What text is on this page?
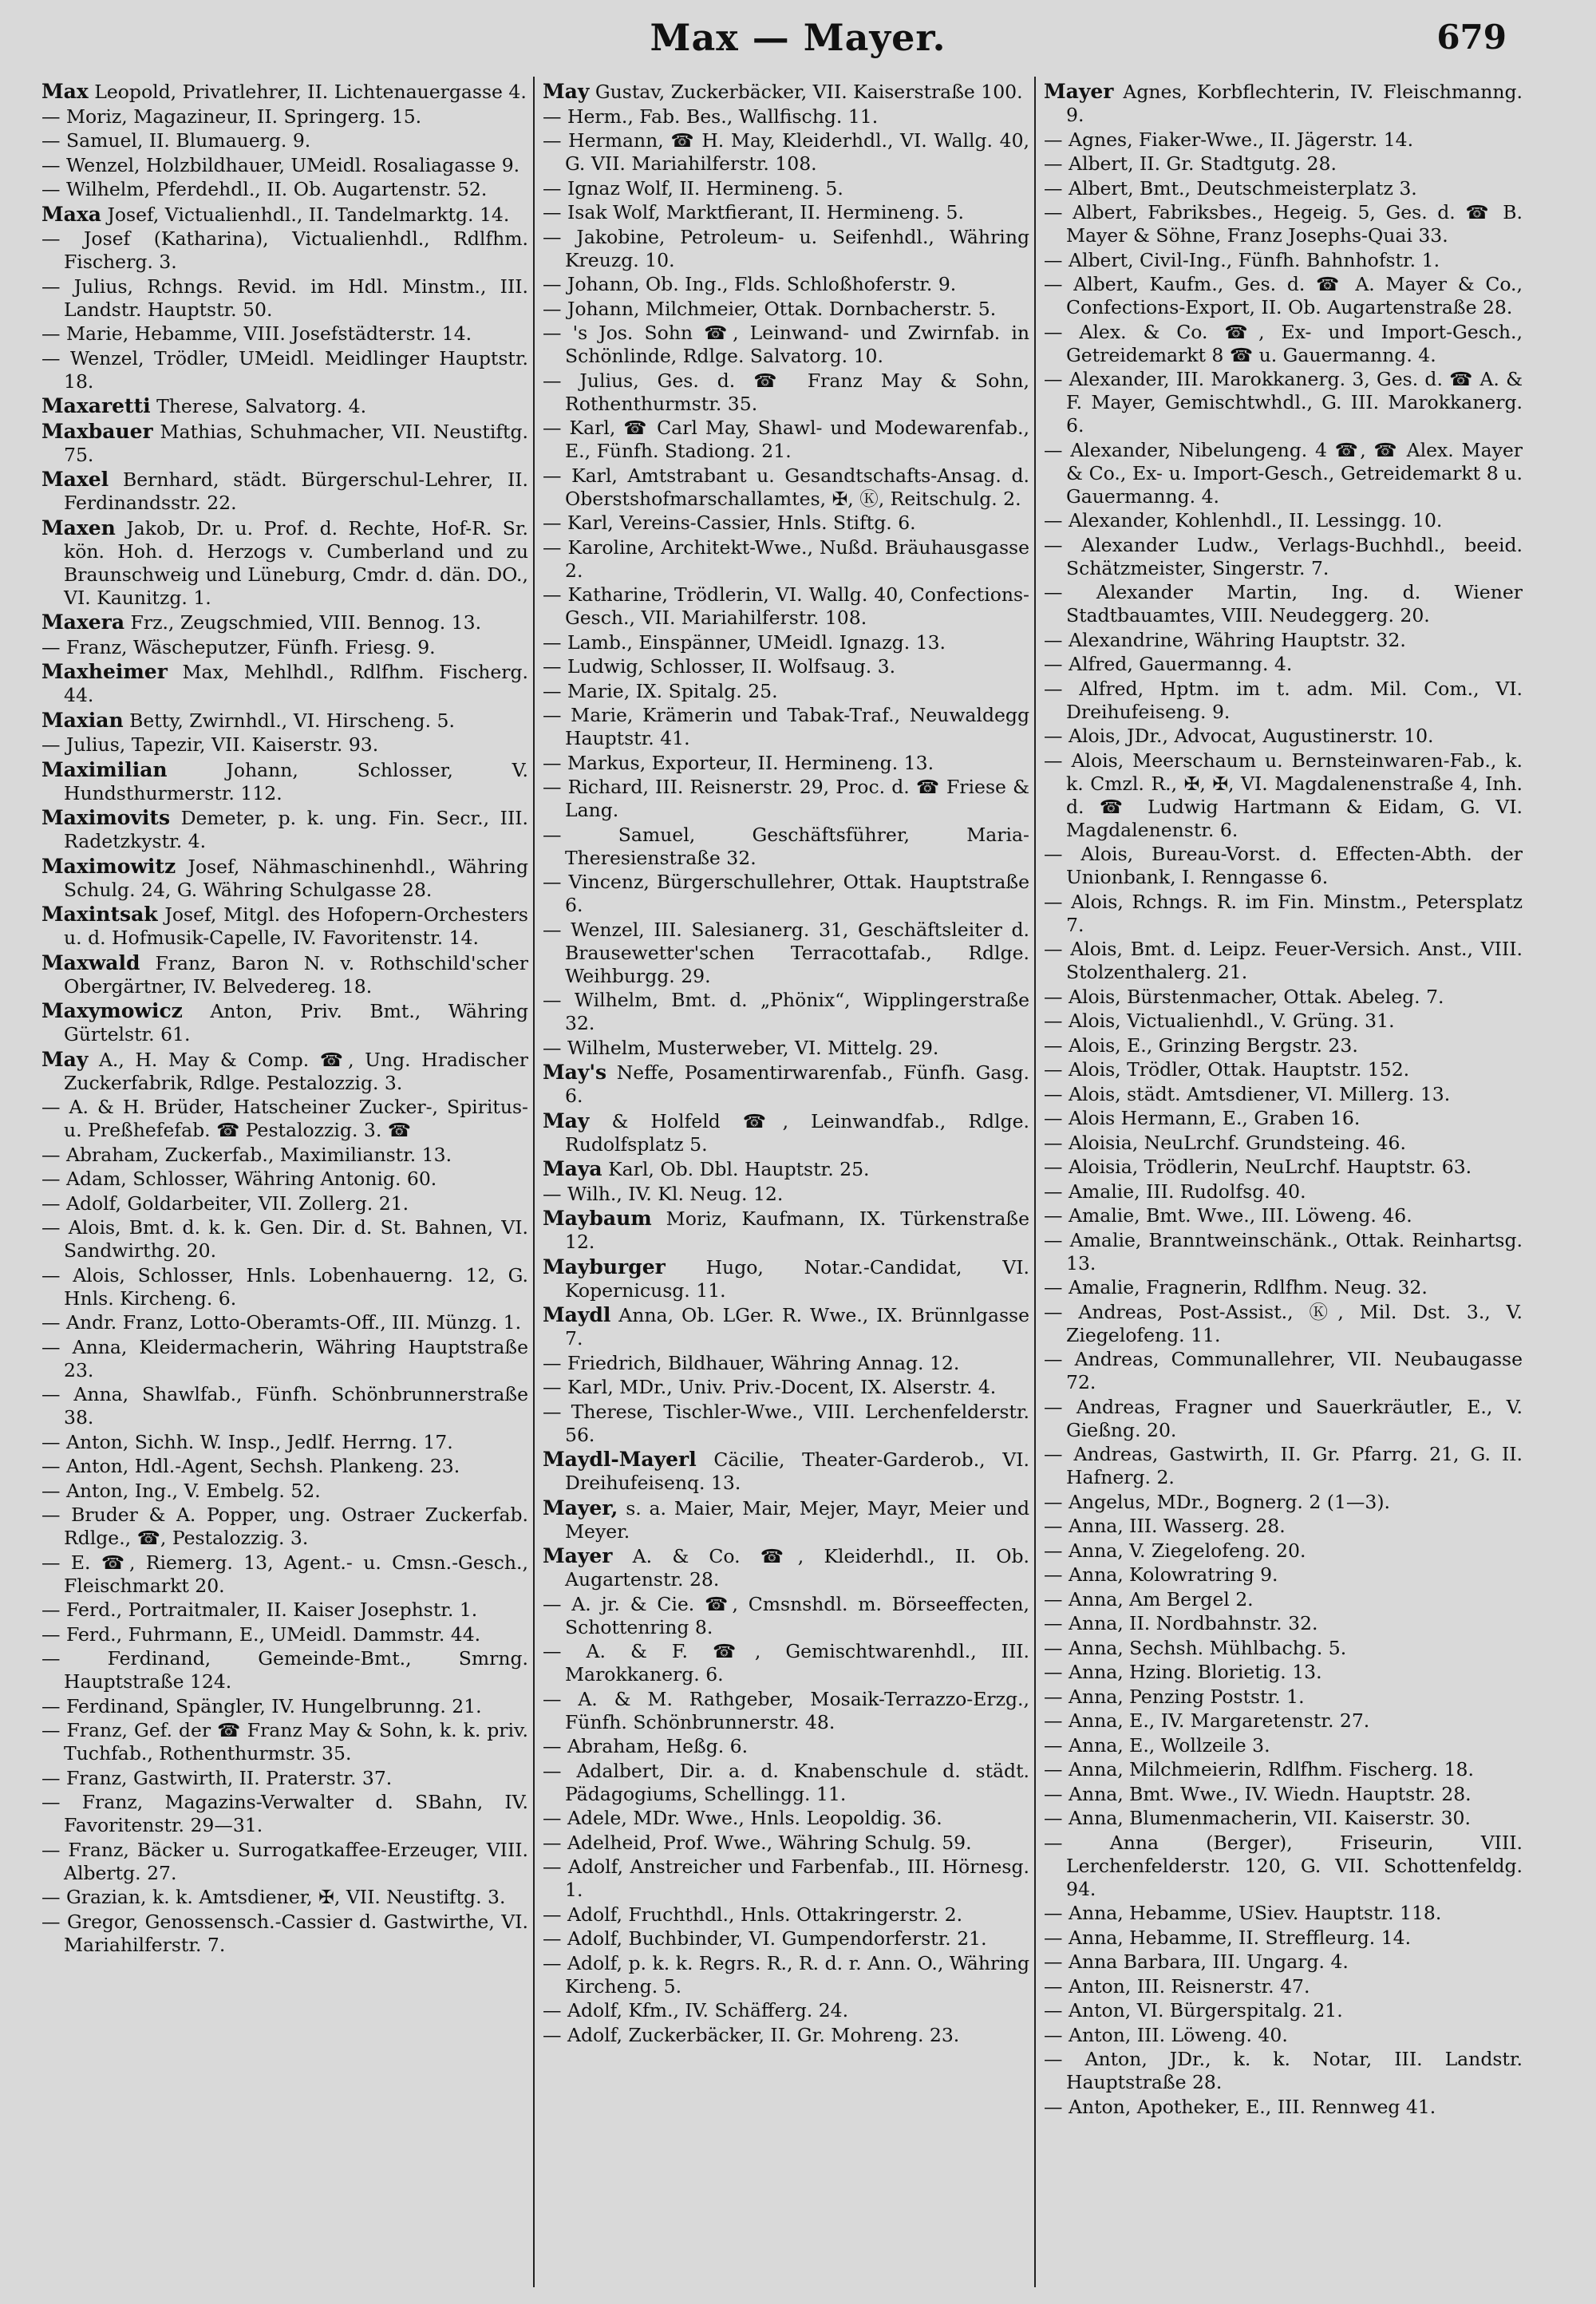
Max — Mayer.	679

Max Leopold, Privatlehrer, II. Lichtenauergasse 4.

— Moriz, Magazineur, II. Springerg. 15.

— Samuel, II. Blumauerg. 9.

— Wenzel, Holzbildhauer, UMeidl. Rosaliagasse 9.

— Wilhelm, Pferdehdl., II. Ob. Augartenstr. 52.

Maxa Josef, Victualienhdl., II. Tandelmarktg. 14.

— Josef (Katharina), Victualienhdl., Rdlfhm. Fischerg. 3.

— Julius, Rchngs. Revid. im Hdl. Minstm., III. Landstr. Hauptstr. 50.

— Marie, Hebamme, VIII. Josefstädterstr. 14.

— Wenzel, Trödler, UMeidl. Meidlinger Hauptstr. 18.

Maxaretti Therese, Salvatorg. 4.

Maxbauer Mathias, Schuhmacher, VII. Neustiftg. 75.

Maxel Bernhard, städt. Bürgerschul-Lehrer, II. Ferdinandsstr. 22.

Maxen Jakob, Dr. u. Prof. d. Rechte, Hof-R. Sr. kön. Hoh. d. Herzogs v. Cumberland und zu Braunschweig und Lüneburg, Cmdr. d. dän. DO., VI. Kaunitzg. 1.

Maxera Frz., Zeugschmied, VIII. Bennog. 13.

— Franz, Wäscheputzer, Fünfh. Friesg. 9.

Maxheimer Max, Mehlhdl., Rdlfhm. Fischerg. 44.

Maxian Betty, Zwirnhdl., VI. Hirscheng. 5.

— Julius, Tapezir, VII. Kaiserstr. 93.

Maximilian Johann, Schlosser, V. Hundsthurmerstr. 112.

Maximovits Demeter, p. k. ung. Fin. Secr., III. Radetzkystr. 4.

Maximowitz Josef, Nähmaschinenhdl., Währing Schulg. 24, G. Währing Schulgasse 28.

Maxintsak Josef, Mitgl. des Hofopern-Orchesters u. d. Hofmusik-Capelle, IV. Favoritenstr. 14.

Maxwald Franz, Baron N. v. Rothschild'scher Obergärtner, IV. Belvedereg. 18.

Maxymowicz Anton, Priv. Bmt., Währing Gürtelstr. 61.

May A., H. May & Comp. ☎, Ung. Hradischer Zuckerfabrik, Rdlge. Pestalozzig. 3.

— A. & H. Brüder, Hatscheiner Zucker-, Spiritus- u. Preßhefefab. ☎ Pestalozzig. 3. ☎

— Abraham, Zuckerfab., Maximilianstr. 13.

— Adam, Schlosser, Währing Antonig. 60.

— Adolf, Goldarbeiter, VII. Zollerg. 21.

— Alois, Bmt. d. k. k. Gen. Dir. d. St. Bahnen, VI. Sandwirthg. 20.

— Alois, Schlosser, Hnls. Lobenhauerng. 12, G. Hnls. Kircheng. 6.

— Andr. Franz, Lotto-Oberamts-Off., III. Münzg. 1.

— Anna, Kleidermacherin, Währing Hauptstraße 23.

— Anna, Shawlfab., Fünfh. Schönbrunnerstraße 38.

— Anton, Sichh. W. Insp., Jedlf. Herrng. 17.

— Anton, Hdl.-Agent, Sechsh. Plankeng. 23.

— Anton, Ing., V. Embelg. 52.

— Bruder & A. Popper, ung. Ostraer Zuckerfab. Rdlge., ☎, Pestalozzig. 3.

— E. ☎, Riemerg. 13, Agent.- u. Cmsn.-Gesch., Fleischmarkt 20.

— Ferd., Portraitmaler, II. Kaiser Josephstr. 1.

— Ferd., Fuhrmann, E., UMeidl. Dammstr. 44.

— Ferdinand, Gemeinde-Bmt., Smrng. Hauptstraße 124.

— Ferdinand, Spängler, IV. Hungelbrunng. 21.

— Franz, Gef. der ☎ Franz May & Sohn, k. k. priv. Tuchfab., Rothenthurmstr. 35.

— Franz, Gastwirth, II. Praterstr. 37.

— Franz, Magazins-Verwalter d. SBahn, IV. Favoritenstr. 29—31.

— Franz, Bäcker u. Surrogatkaffee-Erzeuger, VIII. Albertg. 27.

— Grazian, k. k. Amtsdiener, ✠, VII. Neustiftg. 3.

— Gregor, Genossensch.-Cassier d. Gastwirthe, VI. Mariahilferstr. 7.

May Gustav, Zuckerbäcker, VII. Kaiserstraße 100.

— Herm., Fab. Bes., Wallfischg. 11.

— Hermann, ☎ H. May, Kleiderhdl., VI. Wallg. 40, G. VII. Mariahilferstr. 108.

— Ignaz Wolf, II. Hermineng. 5.

— Isak Wolf, Marktfierant, II. Hermineng. 5.

— Jakobine, Petroleum- u. Seifenhdl., Währing Kreuzg. 10.

— Johann, Ob. Ing., Flds. Schloßhoferstr. 9.

— Johann, Milchmeier, Ottak. Dornbacherstr. 5.

— 's Jos. Sohn ☎, Leinwand- und Zwirnfab. in Schönlinde, Rdlge. Salvatorg. 10.

— Julius, Ges. d. ☎ Franz May & Sohn, Rothenthurmstr. 35.

— Karl, ☎ Carl May, Shawl- und Modewarenfab., E., Fünfh. Stadiong. 21.

— Karl, Amtstrabant u. Gesandtschafts-Ansag. d. Oberstshofmarschallamtes, ✠, Ⓚ, Reitschulg. 2.

— Karl, Vereins-Cassier, Hnls. Stiftg. 6.

— Karoline, Architekt-Wwe., Nußd. Bräuhausgasse 2.

— Katharine, Trödlerin, VI. Wallg. 40, Confections-Gesch., VII. Mariahilferstr. 108.

— Lamb., Einspänner, UMeidl. Ignazg. 13.

— Ludwig, Schlosser, II. Wolfsaug. 3.

— Marie, IX. Spitalg. 25.

— Marie, Krämerin und Tabak-Traf., Neuwaldegg Hauptstr. 41.

— Markus, Exporteur, II. Hermineng. 13.

— Richard, III. Reisnerstr. 29, Proc. d. ☎ Friese & Lang.

— Samuel, Geschäftsführer, Maria-Theresienstraße 32.

— Vincenz, Bürgerschullehrer, Ottak. Hauptstraße 6.

— Wenzel, III. Salesianerg. 31, Geschäftsleiter d. Brausewetter'schen Terracottafab., Rdlge. Weihburgg. 29.

— Wilhelm, Bmt. d. „Phönix“, Wipplingerstraße 32.

— Wilhelm, Musterweber, VI. Mittelg. 29.

May's Neffe, Posamentirwarenfab., Fünfh. Gasg. 6.

May & Holfeld ☎, Leinwandfab., Rdlge. Rudolfsplatz 5.

Maya Karl, Ob. Dbl. Hauptstr. 25.

— Wilh., IV. Kl. Neug. 12.

Maybaum Moriz, Kaufmann, IX. Türkenstraße 12.

Mayburger Hugo, Notar.-Candidat, VI. Kopernicusg. 11.

Maydl Anna, Ob. LGer. R. Wwe., IX. Brünnlgasse 7.

— Friedrich, Bildhauer, Währing Annag. 12.

— Karl, MDr., Univ. Priv.-Docent, IX. Alserstr. 4.

— Therese, Tischler-Wwe., VIII. Lerchenfelderstr. 56.

Maydl-Mayerl Cäcilie, Theater-Garderob., VI. Dreihufeisenq. 13.

Mayer, s. a. Maier, Mair, Mejer, Mayr, Meier und Meyer.

Mayer A. & Co. ☎, Kleiderhdl., II. Ob. Augartenstr. 28.

— A. jr. & Cie. ☎, Cmsnshdl. m. Börseeffecten, Schottenring 8.

— A. & F. ☎, Gemischtwarenhdl., III. Marokkanerg. 6.

— A. & M. Rathgeber, Mosaik-Terrazzo-Erzg., Fünfh. Schönbrunnerstr. 48.

— Abraham, Heßg. 6.

— Adalbert, Dir. a. d. Knabenschule d. städt. Pädagogiums, Schellingg. 11.

— Adele, MDr. Wwe., Hnls. Leopoldig. 36.

— Adelheid, Prof. Wwe., Währing Schulg. 59.

— Adolf, Anstreicher und Farbenfab., III. Hörnesg. 1.

— Adolf, Fruchthdl., Hnls. Ottakringerstr. 2.

— Adolf, Buchbinder, VI. Gumpendorferstr. 21.

— Adolf, p. k. k. Regrs. R., R. d. r. Ann. O., Währing Kircheng. 5.

— Adolf, Kfm., IV. Schäfferg. 24.

— Adolf, Zuckerbäcker, II. Gr. Mohreng. 23.

Mayer Agnes, Korbflechterin, IV. Fleischmanng. 9.

— Agnes, Fiaker-Wwe., II. Jägerstr. 14.

— Albert, II. Gr. Stadtgutg. 28.

— Albert, Bmt., Deutschmeisterplatz 3.

— Albert, Fabriksbes., Hegeig. 5, Ges. d. ☎ B. Mayer & Söhne, Franz Josephs-Quai 33.

— Albert, Civil-Ing., Fünfh. Bahnhofstr. 1.

— Albert, Kaufm., Ges. d. ☎ A. Mayer & Co., Confections-Export, II. Ob. Augartenstraße 28.

— Alex. & Co. ☎, Ex- und Import-Gesch., Getreidemarkt 8 ☎ u. Gauermanng. 4.

— Alexander, III. Marokkanerg. 3, Ges. d. ☎ A. & F. Mayer, Gemischtwhdl., G. III. Marokkanerg. 6.

— Alexander, Nibelungeng. 4 ☎, ☎ Alex. Mayer & Co., Ex- u. Import-Gesch., Getreidemarkt 8 u. Gauermanng. 4.

— Alexander, Kohlenhdl., II. Lessingg. 10.

— Alexander Ludw., Verlags-Buchhdl., beeid. Schätzmeister, Singerstr. 7.

— Alexander Martin, Ing. d. Wiener Stadtbauamtes, VIII. Neudeggerg. 20.

— Alexandrine, Währing Hauptstr. 32.

— Alfred, Gauermanng. 4.

— Alfred, Hptm. im t. adm. Mil. Com., VI. Dreihufeiseng. 9.

— Alois, JDr., Advocat, Augustinerstr. 10.

— Alois, Meerschaum u. Bernsteinwaren-Fab., k. k. Cmzl. R., ✠, ✠, VI. Magdalenenstraße 4, Inh. d. ☎ Ludwig Hartmann & Eidam, G. VI. Magdalenenstr. 6.

— Alois, Bureau-Vorst. d. Effecten-Abth. der Unionbank, I. Renngasse 6.

— Alois, Rchngs. R. im Fin. Minstm., Petersplatz 7.

— Alois, Bmt. d. Leipz. Feuer-Versich. Anst., VIII. Stolzenthalerg. 21.

— Alois, Bürstenmacher, Ottak. Abeleg. 7.

— Alois, Victualienhdl., V. Grüng. 31.

— Alois, E., Grinzing Bergstr. 23.

— Alois, Trödler, Ottak. Hauptstr. 152.

— Alois, städt. Amtsdiener, VI. Millerg. 13.

— Alois Hermann, E., Graben 16.

— Aloisia, NeuLrchf. Grundsteing. 46.

— Aloisia, Trödlerin, NeuLrchf. Hauptstr. 63.

— Amalie, III. Rudolfsg. 40.

— Amalie, Bmt. Wwe., III. Löweng. 46.

— Amalie, Branntweinschänk., Ottak. Reinhartsg. 13.

— Amalie, Fragnerin, Rdlfhm. Neug. 32.

— Andreas, Post-Assist., Ⓚ, Mil. Dst. 3., V. Ziegelofeng. 11.

— Andreas, Communallehrer, VII. Neubaugasse 72.

— Andreas, Fragner und Sauerkräutler, E., V. Gießng. 20.

— Andreas, Gastwirth, II. Gr. Pfarrg. 21, G. II. Hafnerg. 2.

— Angelus, MDr., Bognerg. 2 (1—3).

— Anna, III. Wasserg. 28.

— Anna, V. Ziegelofeng. 20.

— Anna, Kolowratring 9.

— Anna, Am Bergel 2.

— Anna, II. Nordbahnstr. 32.

— Anna, Sechsh. Mühlbachg. 5.

— Anna, Hzing. Blorietig. 13.

— Anna, Penzing Poststr. 1.

— Anna, E., IV. Margaretenstr. 27.

— Anna, E., Wollzeile 3.

— Anna, Milchmeierin, Rdlfhm. Fischerg. 18.

— Anna, Bmt. Wwe., IV. Wiedn. Hauptstr. 28.

— Anna, Blumenmacherin, VII. Kaiserstr. 30.

— Anna (Berger), Friseurin, VIII. Lerchenfelderstr. 120, G. VII. Schottenfeldg. 94.

— Anna, Hebamme, USiev. Hauptstr. 118.

— Anna, Hebamme, II. Streffleurg. 14.

— Anna Barbara, III. Ungarg. 4.

— Anton, III. Reisnerstr. 47.

— Anton, VI. Bürgerspitalg. 21.

— Anton, III. Löweng. 40.

— Anton, JDr., k. k. Notar, III. Landstr. Hauptstraße 28.

— Anton, Apotheker, E., III. Rennweg 41.
